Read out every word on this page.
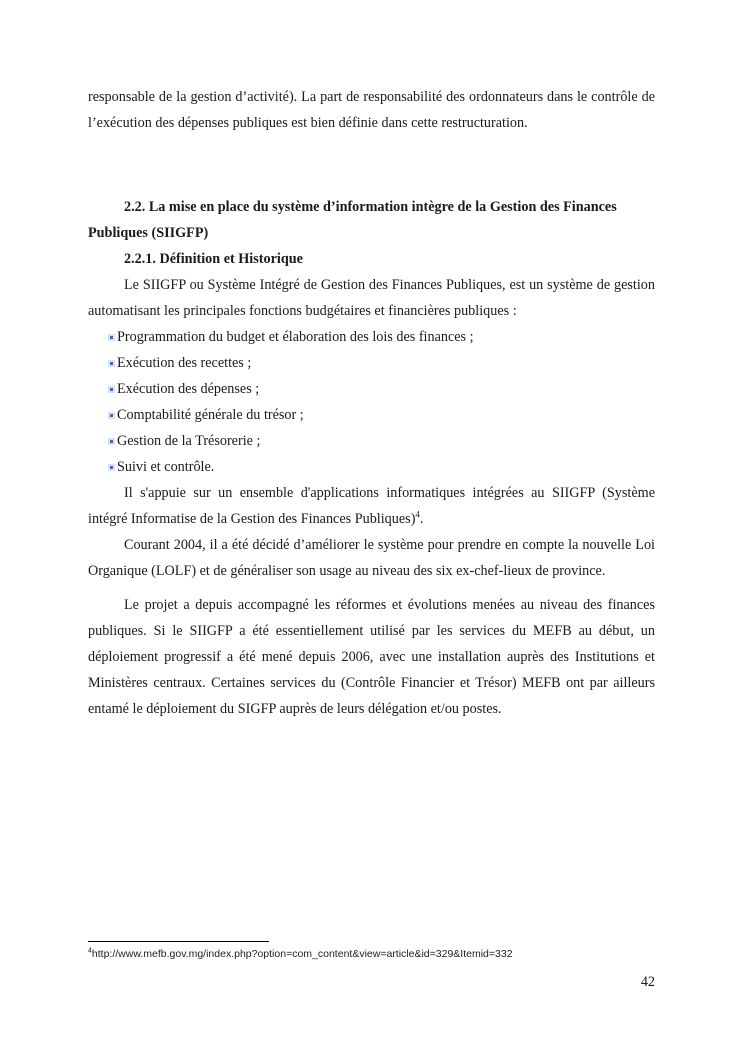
responsable de la gestion d’activité). La part de responsabilité des ordonnateurs dans le contrôle de l’exécution des dépenses publiques est bien définie dans cette restructuration.

2.2. La mise en place du système d’information intègre de la Gestion des Finances Publiques (SIIGFP)

2.2.1. Définition et Historique

Le SIIGFP ou Système Intégré de Gestion des Finances Publiques, est un système de gestion automatisant les principales fonctions budgétaires et financières publiques :

Programmation du budget et élaboration des lois des finances ;
Exécution des recettes ;
Exécution des dépenses ;
Comptabilité générale du trésor ;
Gestion de la Trésorerie ;
Suivi et contrôle.

Il s'appuie sur un ensemble d'applications informatiques intégrées au SIIGFP (Système intégré Informatise de la Gestion des Finances Publiques)$^4$.

Courant 2004, il a été décidé d’améliorer le système pour prendre en compte la nouvelle Loi Organique (LOLF) et de généraliser son usage au niveau des six ex-chef-lieux de province.

Le projet a depuis accompagné les réformes et évolutions menées au niveau des finances publiques. Si le SIIGFP a été essentiellement utilisé par les services du MEFB au début, un déploiement progressif a été mené depuis 2006, avec une installation auprès des Institutions et Ministères centraux. Certaines services du (Contrôle Financier et Trésor) MEFB ont par ailleurs entamé le déploiement du SIGFP auprès de leurs délégation et/ou postes.

$^4$http://www.mefb.gov.mg/index.php?option=com_content&view=article&id=329&Itemid=332
42
